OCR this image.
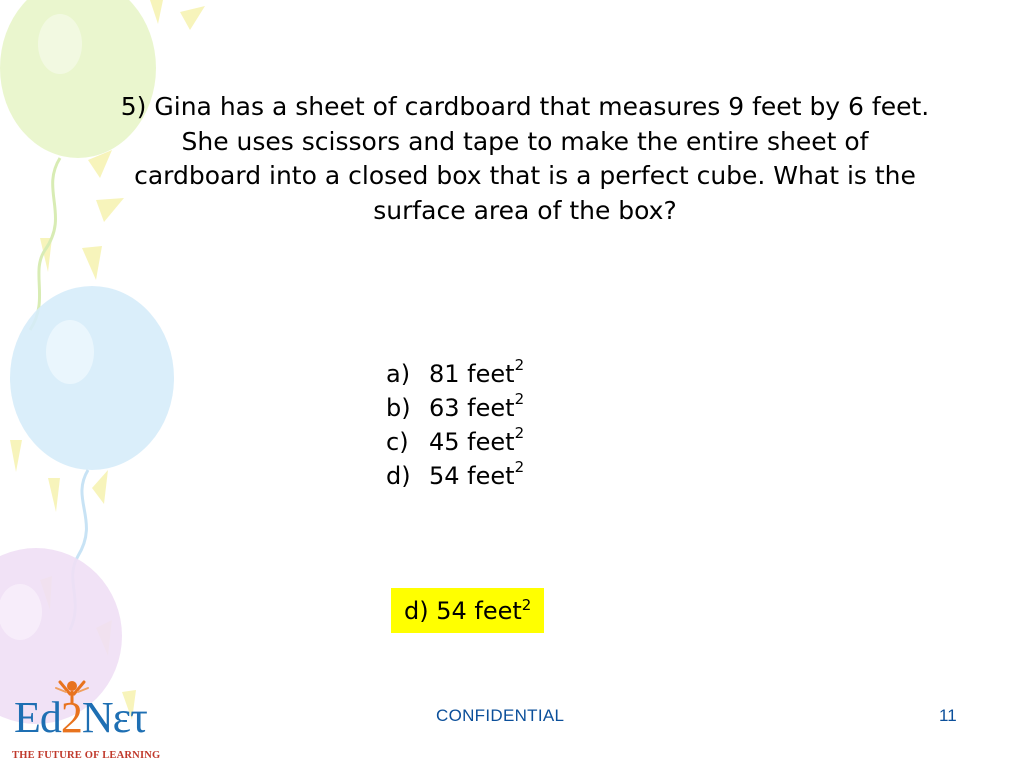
5) Gina has a sheet of cardboard that measures 9 feet by 6 feet. She uses scissors and tape to make the entire sheet of cardboard into a closed box that is a perfect cube. What is the surface area of the box?
a) 81 feet$^2$
b) 63 feet$^2$
c) 45 feet$^2$
d) 54 feet$^2$
d) 54 feet$^2$
CONFIDENTIAL	11
Ed2Nετ
THE FUTURE OF LEARNING
